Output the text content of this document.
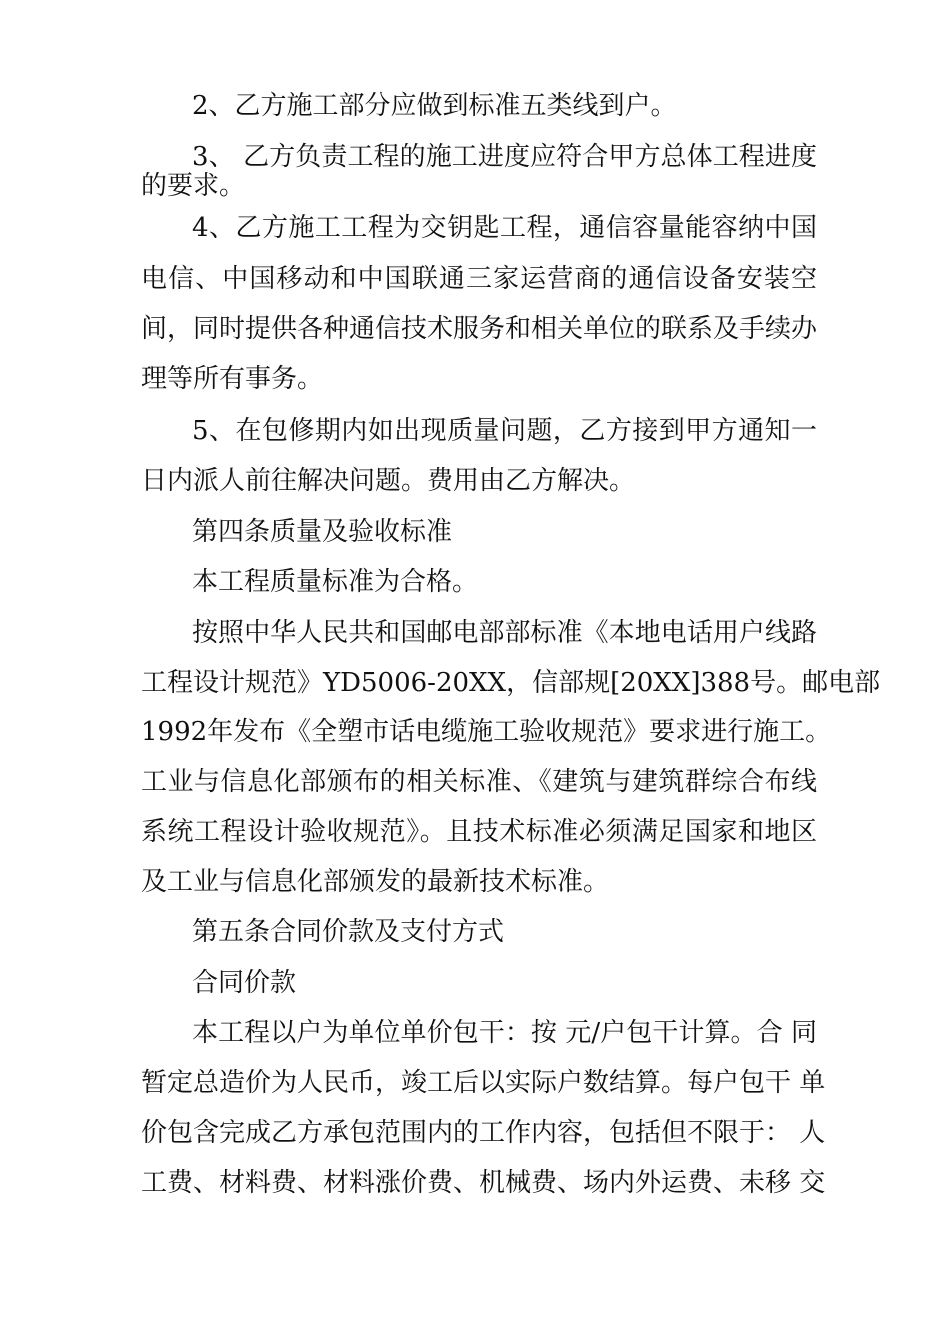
2、乙方施工部分应做到标准五类线到户。
3、 乙方负责工程的施工进度应符合甲方总体工程进度
的要求。
4、乙方施工工程为交钥匙工程，通信容量能容纳中国
电信、中国移动和中国联通三家运营商的通信设备安装空
间，同时提供各种通信技术服务和相关单位的联系及手续办
理等所有事务。
5、在包修期内如出现质量问题，乙方接到甲方通知一
日内派人前往解决问题。费用由乙方解决。
第四条质量及验收标准
本工程质量标准为合格。
按照中华人民共和国邮电部部标准《本地电话用户线路
工程设计规范》YD5006-20XX，信部规[20XX]388号。邮电部
1992年发布《全塑市话电缆施工验收规范》要求进行施工。
工业与信息化部颁布的相关标准、《建筑与建筑群综合布线
系统工程设计验收规范》。且技术标准必须满足国家和地区
及工业与信息化部颁发的最新技术标准。
第五条合同价款及支付方式
合同价款
本工程以户为单位单价包干：按 元/户包干计算。合 同
暂定总造价为人民币，竣工后以实际户数结算。每户包干 单
价包含完成乙方承包范围内的工作内容，包括但不限于： 人
工费、材料费、材料涨价费、机械费、场内外运费、未移 交
